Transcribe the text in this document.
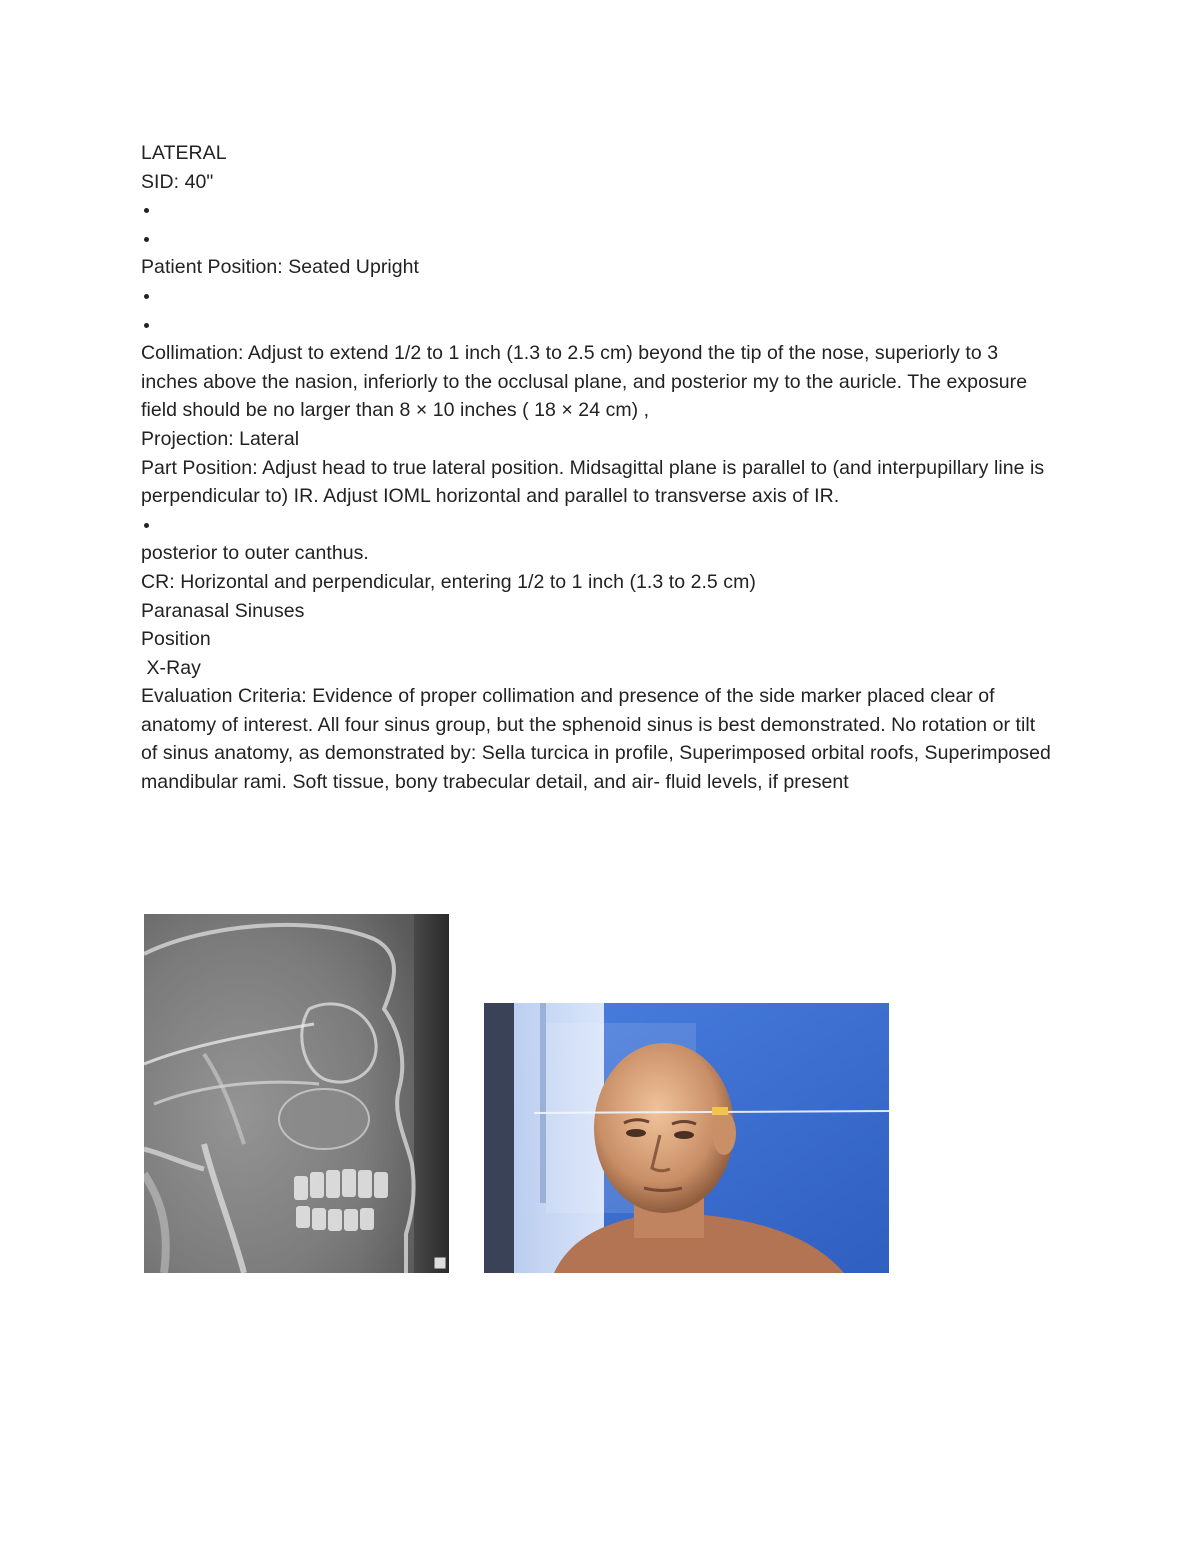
LATERAL
SID: 40"
Patient Position: Seated Upright
Collimation: Adjust to extend 1/2 to 1 inch (1.3 to 2.5 cm) beyond the tip of the nose, superiorly to 3 inches above the nasion, inferiorly to the occlusal plane, and posterior my to the auricle. The exposure field should be no larger than 8 × 10 inches ( 18 × 24 cm) ,
Projection: Lateral
Part Position: Adjust head to true lateral position. Midsagittal plane is parallel to (and interpupillary line is perpendicular to) IR. Adjust IOML horizontal and parallel to transverse axis of IR.
posterior to outer canthus.
CR: Horizontal and perpendicular, entering 1/2 to 1 inch (1.3 to 2.5 cm)
Paranasal Sinuses
Position
X-Ray
Evaluation Criteria: Evidence of proper collimation and presence of the side marker placed clear of anatomy of interest. All four sinus group, but the sphenoid sinus is best demonstrated. No rotation or tilt of sinus anatomy, as demonstrated by: Sella turcica in profile, Superimposed orbital roofs, Superimposed mandibular rami. Soft tissue, bony trabecular detail, and air- fluid levels, if present
